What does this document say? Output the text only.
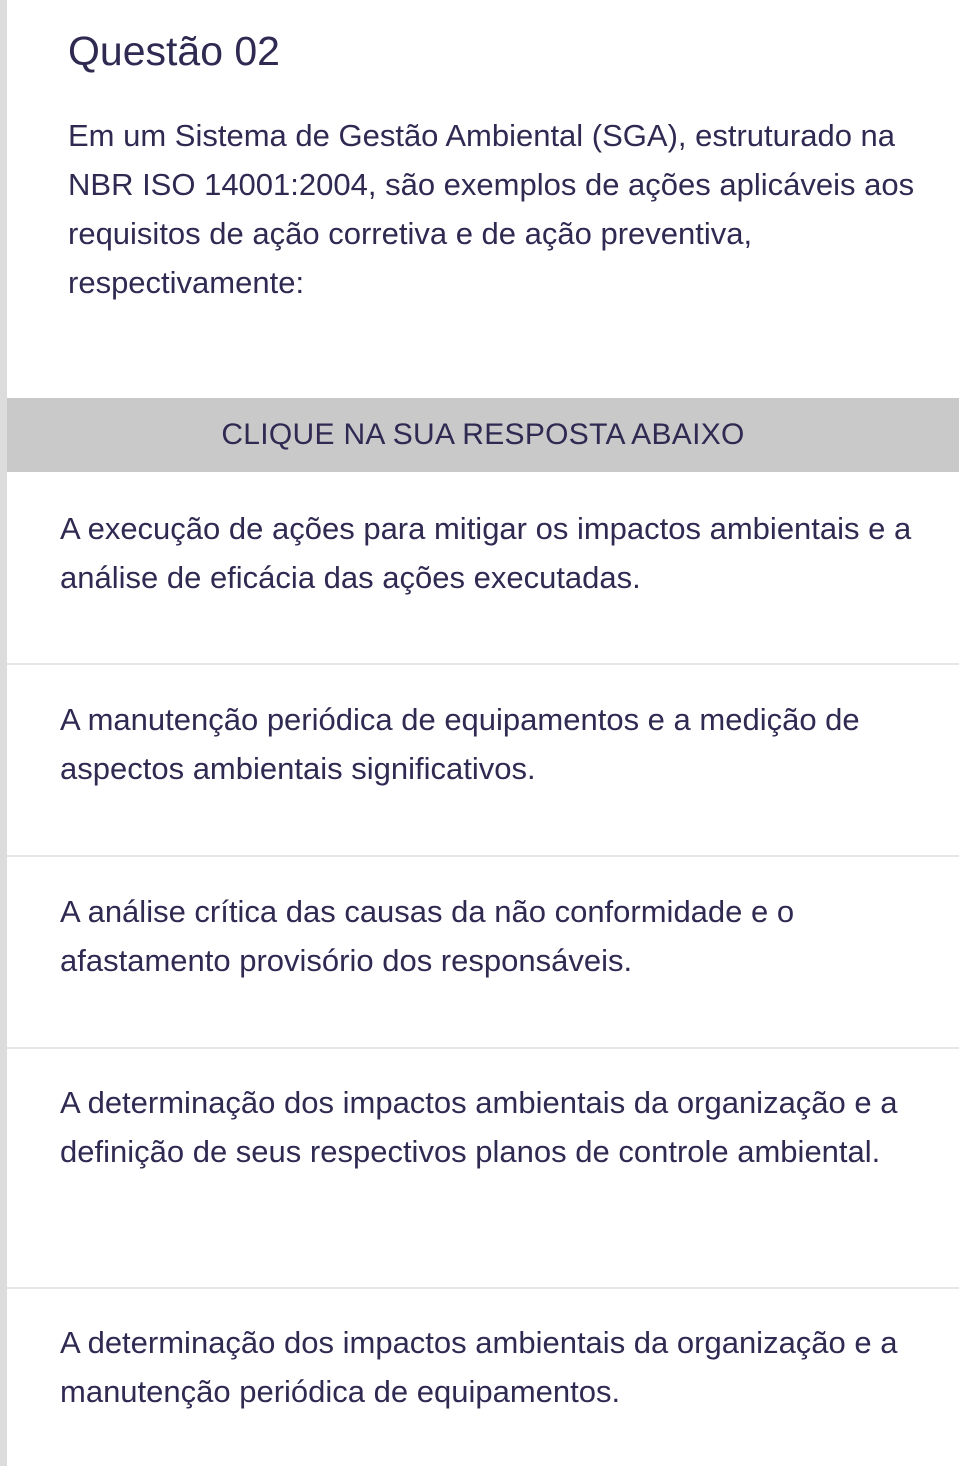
Questão 02

Em um Sistema de Gestão Ambiental (SGA), estruturado na NBR ISO 14001:2004, são exemplos de ações aplicáveis aos requisitos de ação corretiva e de ação preventiva, respectivamente:

CLIQUE NA SUA RESPOSTA ABAIXO
A execução de ações para mitigar os impactos ambientais e a análise de eficácia das ações executadas.
A manutenção periódica de equipamentos e a medição de aspectos ambientais significativos.
A análise crítica das causas da não conformidade e o afastamento provisório dos responsáveis.
A determinação dos impactos ambientais da organização e a definição de seus respectivos planos de controle ambiental.
A determinação dos impactos ambientais da organização e a manutenção periódica de equipamentos.
